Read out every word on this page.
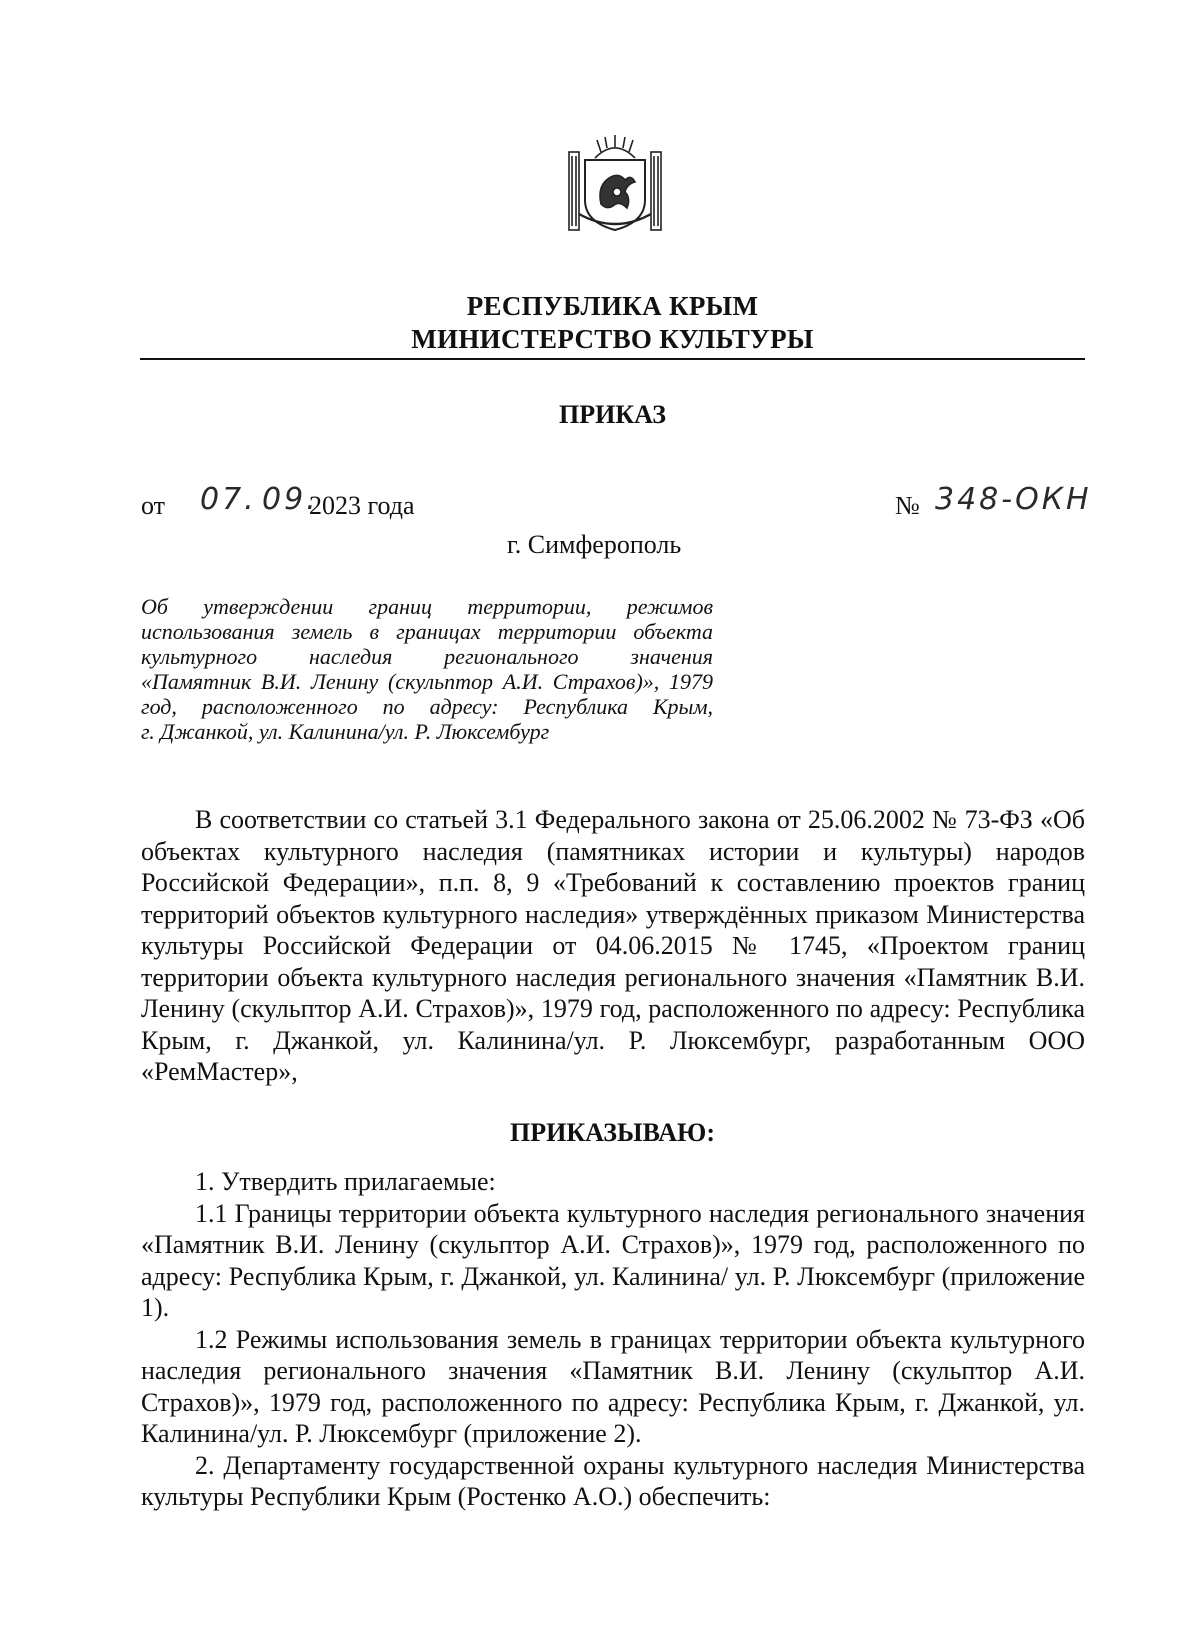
РЕСПУБЛИКА КРЫМ
МИНИСТЕРСТВО КУЛЬТУРЫ
ПРИКАЗ
от 07. 09.
2023 года	№ 348-ОКН
г. Симферополь
Об утверждении границ территории, режимов
использования земель в границах территории объекта
культурного наследия регионального значения
«Памятник В.И. Ленину (скульптор А.И. Страхов)», 1979
год, расположенного по адресу: Республика Крым,
г. Джанкой, ул. Калинина/ул. Р. Люксембург

В соответствии со статьей 3.1 Федерального закона от 25.06.2002 № 73-ФЗ «Об объектах культурного наследия (памятниках истории и культуры) народов Российской Федерации», п.п. 8, 9 «Требований к составлению проектов границ территорий объектов культурного наследия» утверждённых приказом Министерства культуры Российской Федерации от 04.06.2015 № 1745, «Проектом границ территории объекта культурного наследия регионального значения «Памятник В.И. Ленину (скульптор А.И. Страхов)», 1979 год, расположенного по адресу: Республика Крым, г. Джанкой, ул. Калинина/ул. Р. Люксембург, разработанным ООО «РемМастер»,

ПРИКАЗЫВАЮ:

1. Утвердить прилагаемые:

1.1 Границы территории объекта культурного наследия регионального значения «Памятник В.И. Ленину (скульптор А.И. Страхов)», 1979 год, расположенного по адресу: Республика Крым, г. Джанкой, ул. Калинина/ ул. Р. Люксембург (приложение 1).

1.2 Режимы использования земель в границах территории объекта культурного наследия регионального значения «Памятник В.И. Ленину (скульптор А.И. Страхов)», 1979 год, расположенного по адресу: Республика Крым, г. Джанкой, ул. Калинина/ул. Р. Люксембург (приложение 2).

2. Департаменту государственной охраны культурного наследия Министерства культуры Республики Крым (Ростенко А.О.) обеспечить:
